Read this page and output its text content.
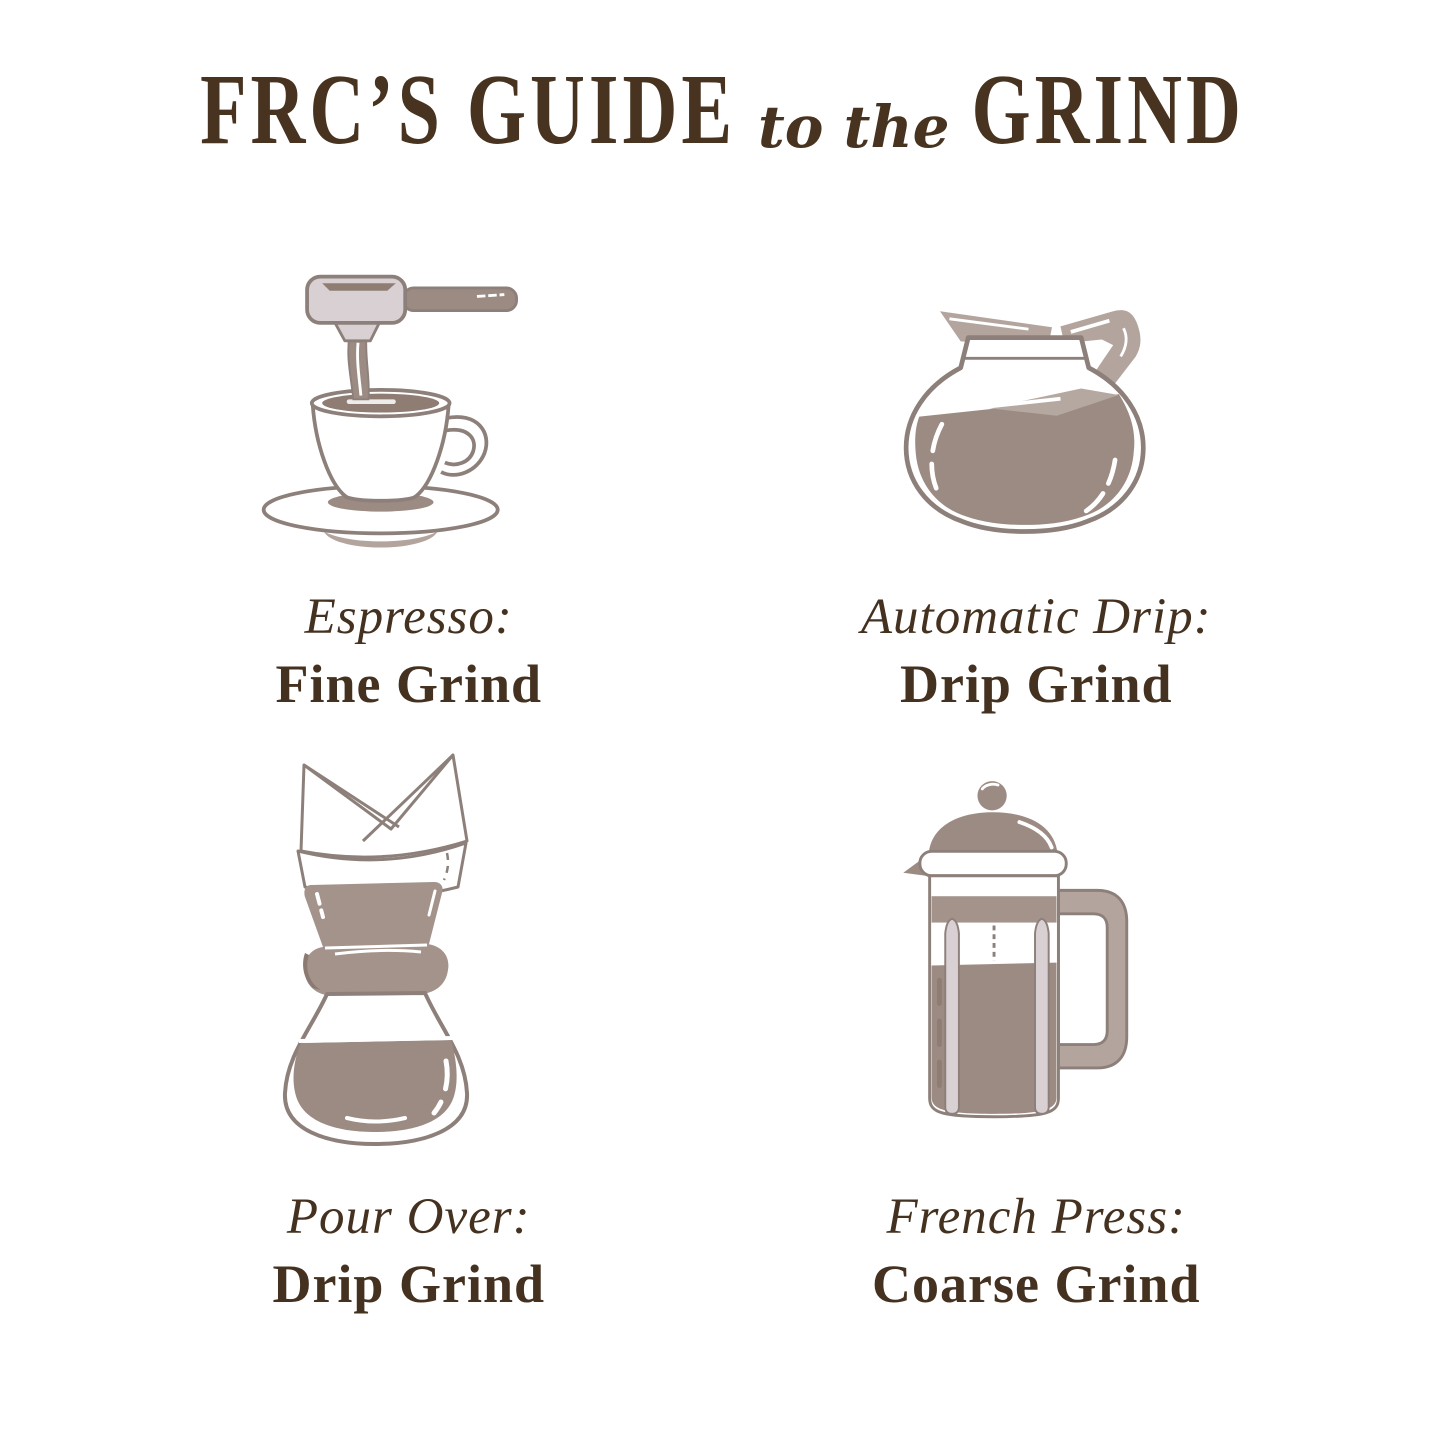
FRC’S GUIDE to the GRIND
Espresso:
Fine Grind
Automatic Drip:
Drip Grind
Pour Over:
Drip Grind
French Press:
Coarse Grind
